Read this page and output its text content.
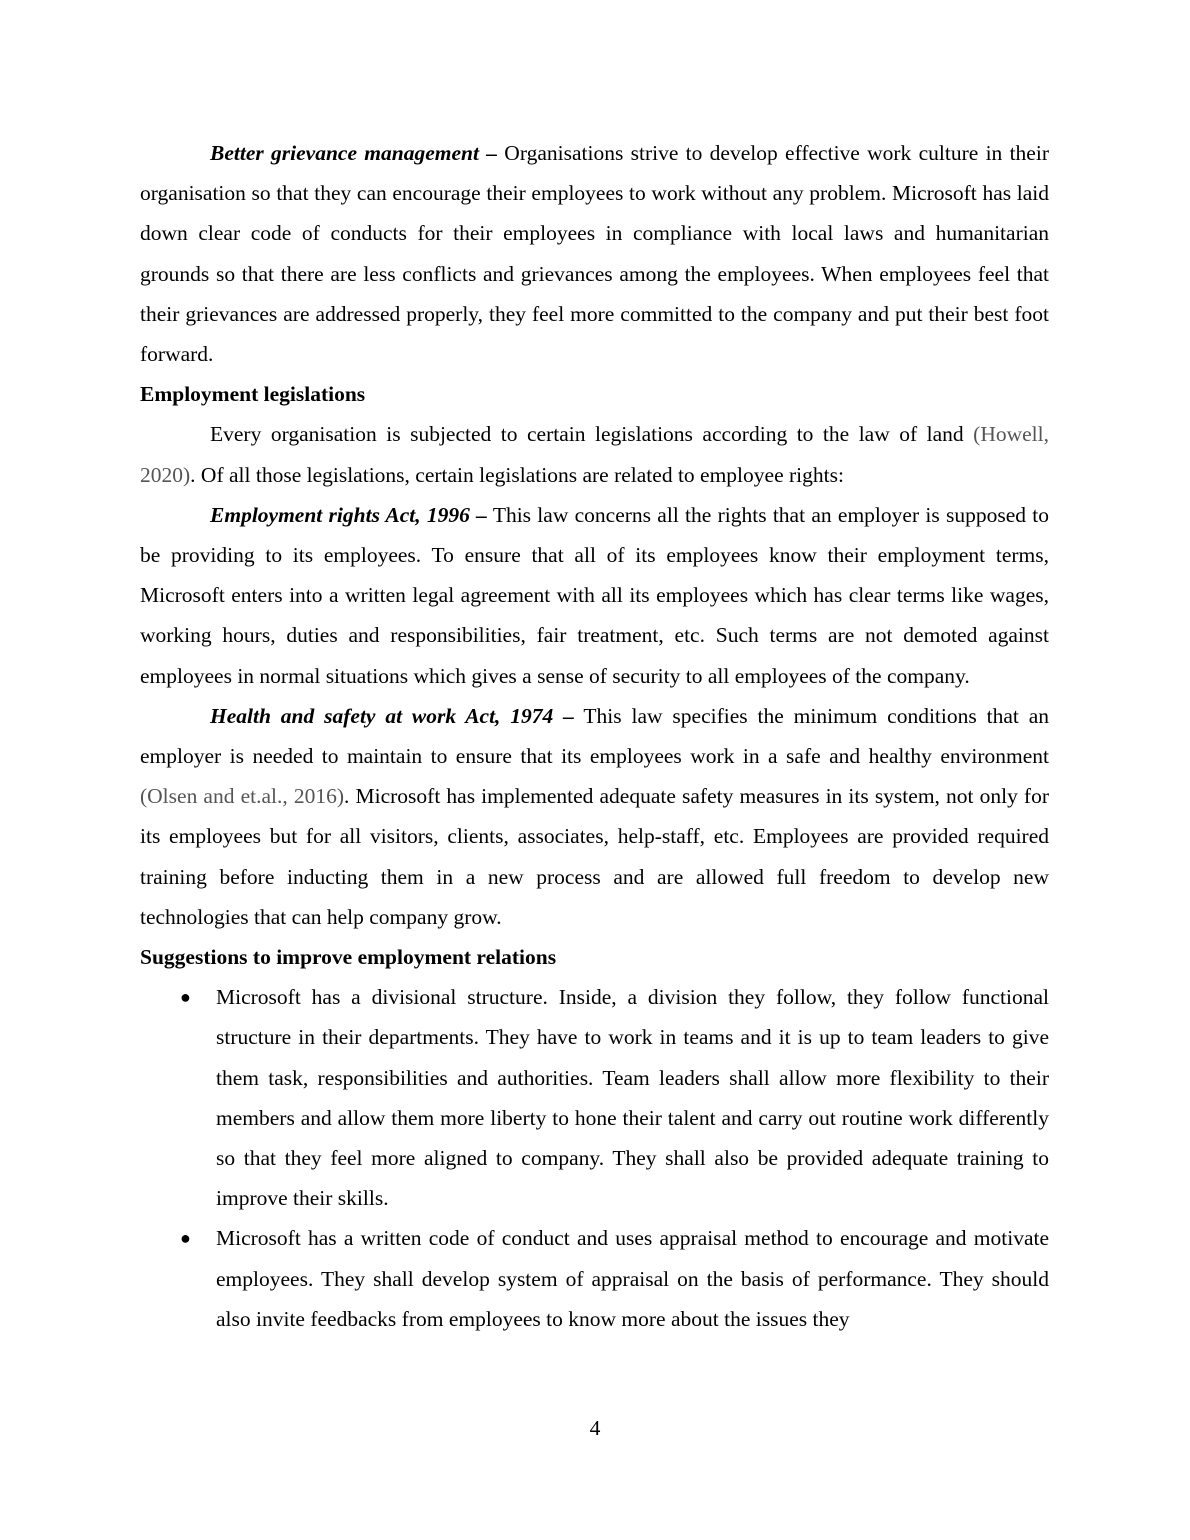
Better grievance management – Organisations strive to develop effective work culture in their organisation so that they can encourage their employees to work without any problem. Microsoft has laid down clear code of conducts for their employees in compliance with local laws and humanitarian grounds so that there are less conflicts and grievances among the employees. When employees feel that their grievances are addressed properly, they feel more committed to the company and put their best foot forward.

Employment legislations

Every organisation is subjected to certain legislations according to the law of land (Howell, 2020). Of all those legislations, certain legislations are related to employee rights:

Employment rights Act, 1996 – This law concerns all the rights that an employer is supposed to be providing to its employees. To ensure that all of its employees know their employment terms, Microsoft enters into a written legal agreement with all its employees which has clear terms like wages, working hours, duties and responsibilities, fair treatment, etc. Such terms are not demoted against employees in normal situations which gives a sense of security to all employees of the company.

Health and safety at work Act, 1974 – This law specifies the minimum conditions that an employer is needed to maintain to ensure that its employees work in a safe and healthy environment (Olsen and et.al., 2016). Microsoft has implemented adequate safety measures in its system, not only for its employees but for all visitors, clients, associates, help-staff, etc. Employees are provided required training before inducting them in a new process and are allowed full freedom to develop new technologies that can help company grow.

Suggestions to improve employment relations
● Microsoft has a divisional structure. Inside, a division they follow, they follow functional structure in their departments. They have to work in teams and it is up to team leaders to give them task, responsibilities and authorities. Team leaders shall allow more flexibility to their members and allow them more liberty to hone their talent and carry out routine work differently so that they feel more aligned to company. They shall also be provided adequate training to improve their skills.
● Microsoft has a written code of conduct and uses appraisal method to encourage and motivate employees. They shall develop system of appraisal on the basis of performance. They should also invite feedbacks from employees to know more about the issues they
4
